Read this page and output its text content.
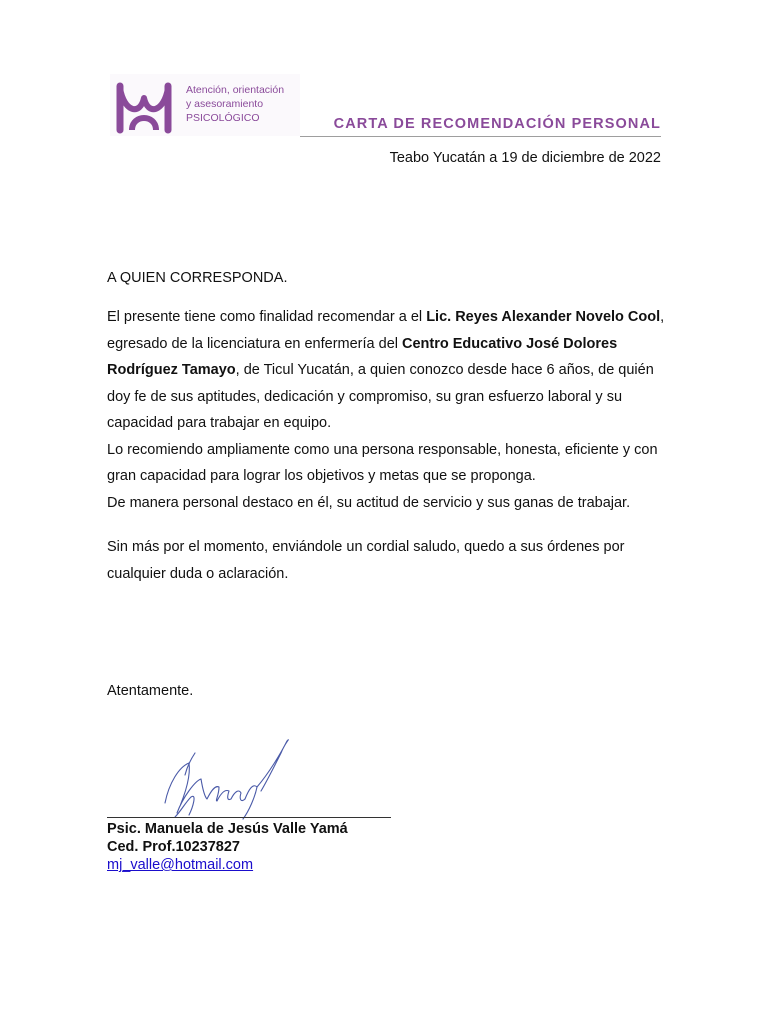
Atención, orientación
y asesoramiento
PSICOLÓGICO	CARTA DE RECOMENDACIÓN PERSONAL
Teabo Yucatán a 19 de diciembre de 2022
A QUIEN CORRESPONDA.

El presente tiene como finalidad recomendar a el Lic. Reyes Alexander Novelo Cool, egresado de la licenciatura en enfermería del Centro Educativo José Dolores Rodríguez Tamayo, de Ticul Yucatán, a quien conozco desde hace 6 años, de quién doy fe de sus aptitudes, dedicación y compromiso, su gran esfuerzo laboral y su capacidad para trabajar en equipo.

Lo recomiendo ampliamente como una persona responsable, honesta, eficiente y con gran capacidad para lograr los objetivos y metas que se proponga.

De manera personal destaco en él, su actitud de servicio y sus ganas de trabajar.

Sin más por el momento, enviándole un cordial saludo, quedo a sus órdenes por cualquier duda o aclaración.

Atentamente.
Psic. Manuela de Jesús Valle Yamá
Ced. Prof.10237827
mj_valle@hotmail.com
